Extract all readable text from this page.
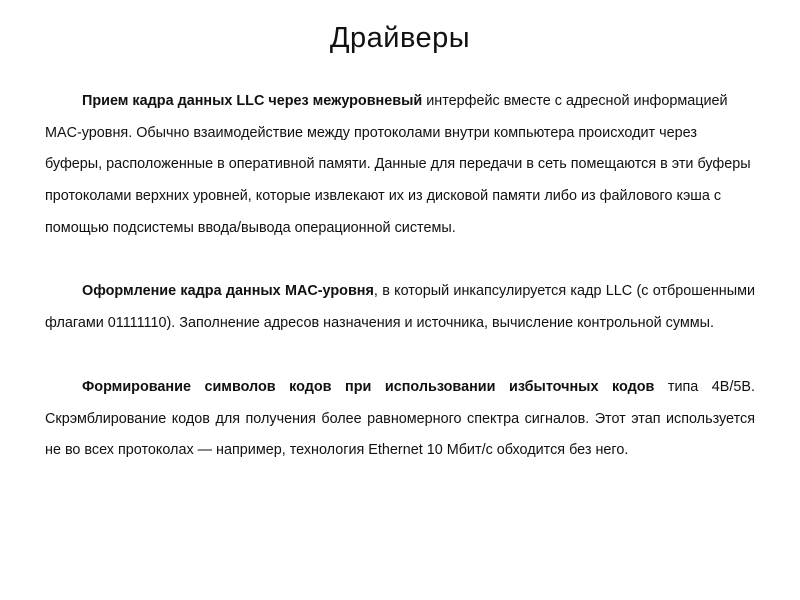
Драйверы

Прием кадра данных LLC через межуровневый интерфейс вместе с адресной информацией MAC-уровня. Обычно взаимодействие между протоколами внутри компьютера происходит через буферы, расположенные в оперативной памяти. Данные для передачи в сеть помещаются в эти буферы протоколами верхних уровней, которые извлекают их из дисковой памяти либо из файлового кэша с помощью подсистемы ввода/вывода операционной системы.

Оформление кадра данных MAC-уровня, в который инкапсулируется кадр LLC (с отброшенными флагами 01111110). Заполнение адресов назначения и источника, вычисление контрольной суммы.

Формирование символов кодов при использовании избыточных кодов типа 4B/5B. Скрэмблирование кодов для получения более равномерного спектра сигналов. Этот этап используется не во всех протоколах — например, технология Ethernet 10 Мбит/с обходится без него.
